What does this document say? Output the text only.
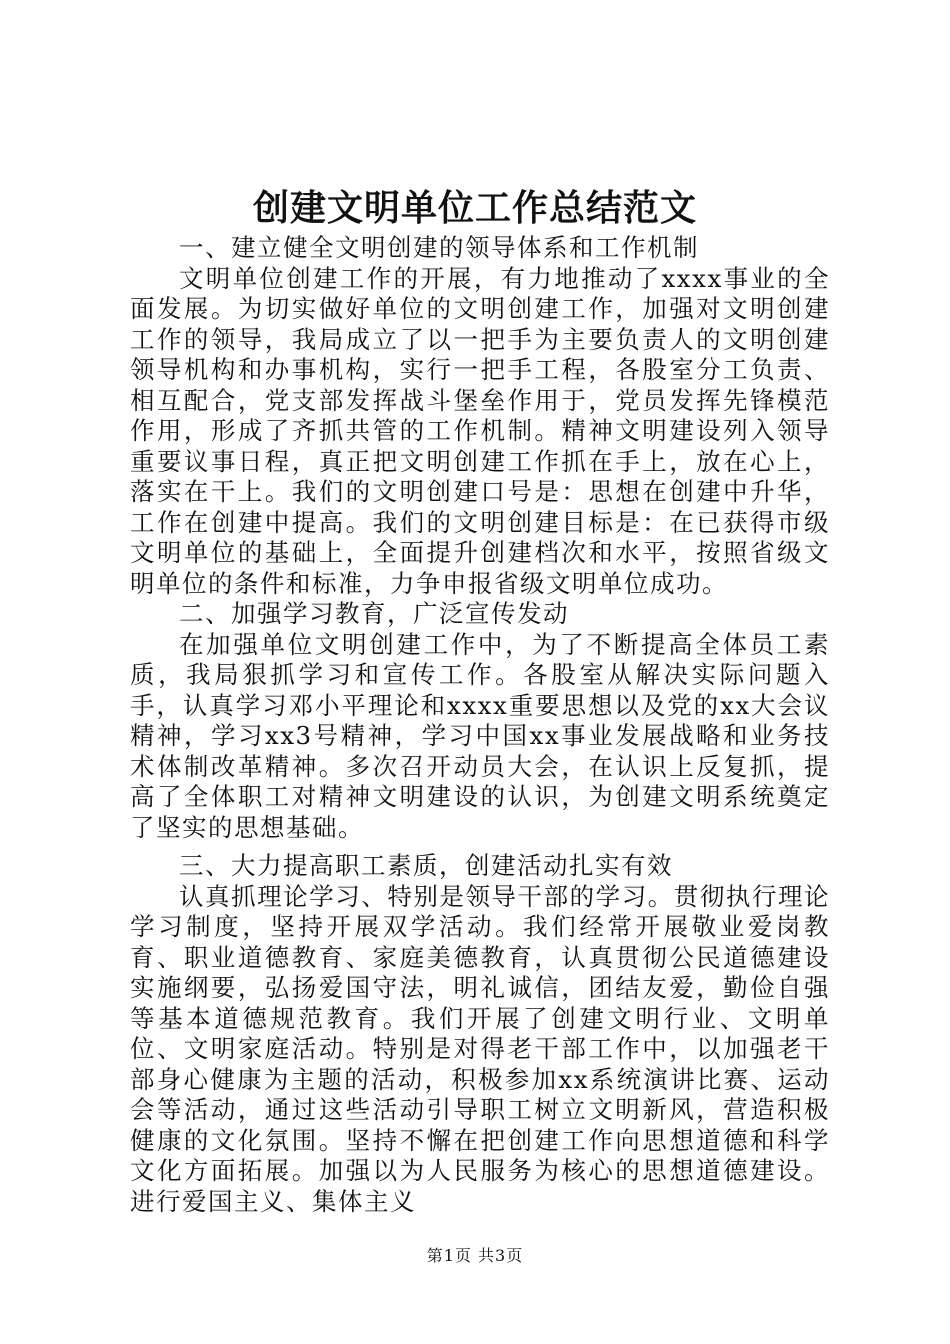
创建文明单位工作总结范文

一、建立健全文明创建的领导体系和工作机制

文明单位创建工作的开展，有力地推动了xxxx事业的全面发展。为切实做好单位的文明创建工作，加强对文明创建工作的领导，我局成立了以一把手为主要负责人的文明创建领导机构和办事机构，实行一把手工程，各股室分工负责、相互配合，党支部发挥战斗堡垒作用于，党员发挥先锋模范作用，形成了齐抓共管的工作机制。精神文明建设列入领导重要议事日程，真正把文明创建工作抓在手上，放在心上，落实在干上。我们的文明创建口号是：思想在创建中升华，工作在创建中提高。我们的文明创建目标是：在已获得市级文明单位的基础上，全面提升创建档次和水平，按照省级文明单位的条件和标准，力争申报省级文明单位成功。

二、加强学习教育，广泛宣传发动

在加强单位文明创建工作中，为了不断提高全体员工素质，我局狠抓学习和宣传工作。各股室从解决实际问题入手，认真学习邓小平理论和xxxx重要思想以及党的xx大会议精神，学习xx3号精神，学习中国xx事业发展战略和业务技术体制改革精神。多次召开动员大会，在认识上反复抓，提高了全体职工对精神文明建设的认识，为创建文明系统奠定了坚实的思想基础。

三、大力提高职工素质，创建活动扎实有效

认真抓理论学习、特别是领导干部的学习。贯彻执行理论学习制度，坚持开展双学活动。我们经常开展敬业爱岗教育、职业道德教育、家庭美德教育，认真贯彻公民道德建设实施纲要，弘扬爱国守法，明礼诚信，团结友爱，勤俭自强等基本道德规范教育。我们开展了创建文明行业、文明单位、文明家庭活动。特别是对得老干部工作中，以加强老干部身心健康为主题的活动，积极参加xx系统演讲比赛、运动会等活动，通过这些活动引导职工树立文明新风，营造积极健康的文化氛围。坚持不懈在把创建工作向思想道德和科学文化方面拓展。加强以为人民服务为核心的思想道德建设。进行爱国主义、集体主义

第1页 共3页
